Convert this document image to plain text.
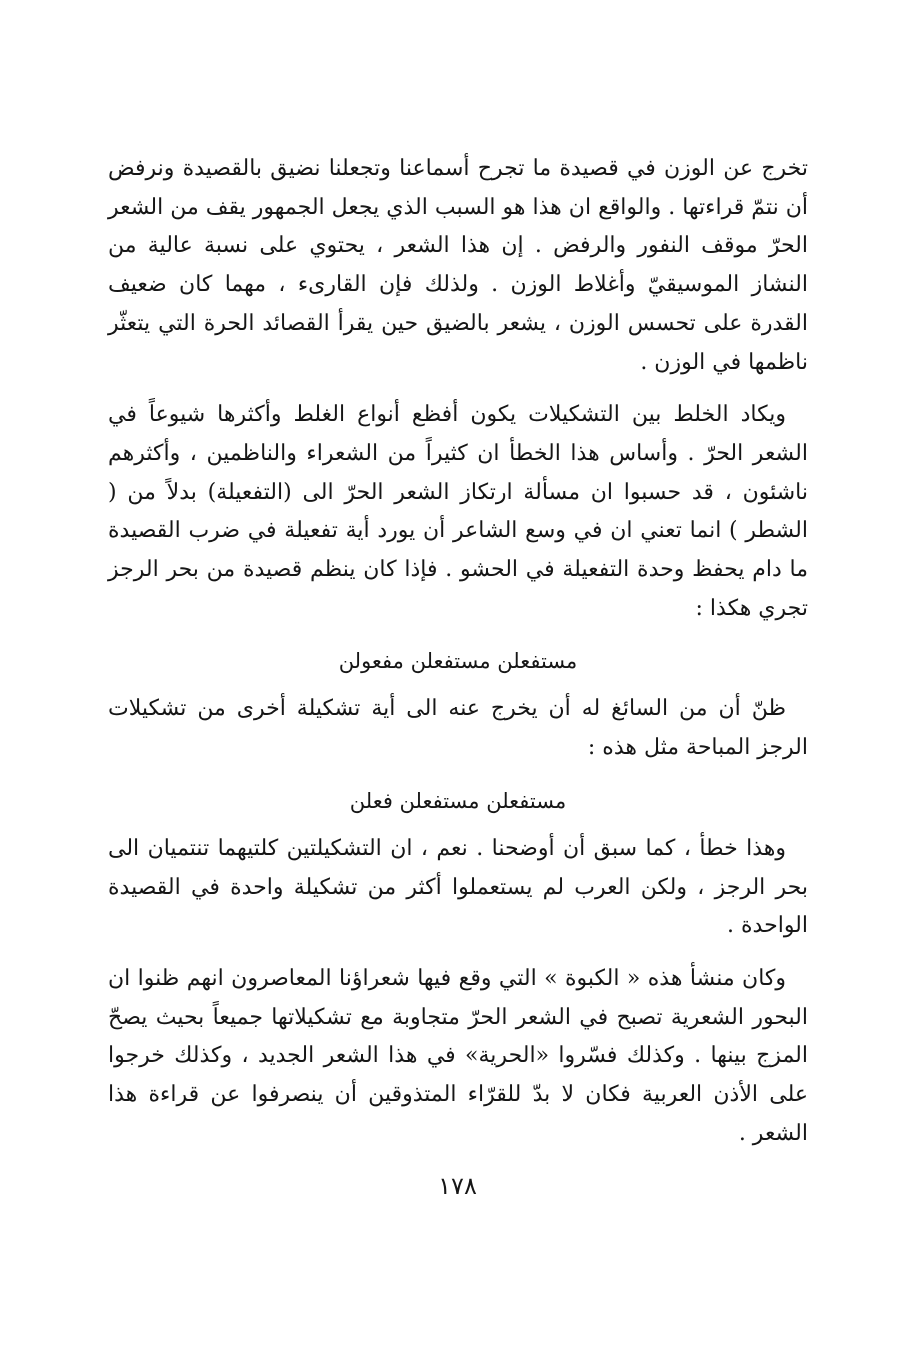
تخرج عن الوزن في قصيدة ما تجرح أسماعنا وتجعلنا نضيق بالقصيدة ونرفض أن نتمّ قراءتها . والواقع ان هذا هو السبب الذي يجعل الجمهور يقف من الشعر الحرّ موقف النفور والرفض . إن هذا الشعر ، يحتوي على نسبة عالية من النشاز الموسيقيّ وأغلاط الوزن . ولذلك فإن القارىء ، مهما كان ضعيف القدرة على تحسس الوزن ، يشعر بالضيق حين يقرأ القصائد الحرة التي يتعثّر ناظمها في الوزن .

ويكاد الخلط بين التشكيلات يكون أفظع أنواع الغلط وأكثرها شيوعاً في الشعر الحرّ . وأساس هذا الخطأ ان كثيراً من الشعراء والناظمين ، وأكثرهم ناشئون ، قد حسبوا ان مسألة ارتكاز الشعر الحرّ الى (التفعيلة) بدلاً من ( الشطر ) انما تعني ان في وسع الشاعر أن يورد أية تفعيلة في ضرب القصيدة ما دام يحفظ وحدة التفعيلة في الحشو . فإذا كان ينظم قصيدة من بحر الرجز تجري هكذا :

مستفعلن مستفعلن مفعولن

ظنّ أن من السائغ له أن يخرج عنه الى أية تشكيلة أخرى من تشكيلات الرجز المباحة مثل هذه :

مستفعلن مستفعلن فعلن

وهذا خطأ ، كما سبق أن أوضحنا . نعم ، ان التشكيلتين كلتيهما تنتميان الى بحر الرجز ، ولكن العرب لم يستعملوا أكثر من تشكيلة واحدة في القصيدة الواحدة .

وكان منشأ هذه « الكبوة » التي وقع فيها شعراؤنا المعاصرون انهم ظنوا ان البحور الشعرية تصبح في الشعر الحرّ متجاوبة مع تشكيلاتها جميعاً بحيث يصحّ المزج بينها . وكذلك فسّروا «الحرية» في هذا الشعر الجديد ، وكذلك خرجوا على الأذن العربية فكان لا بدّ للقرّاء المتذوقين أن ينصرفوا عن قراءة هذا الشعر .

١٧٨
